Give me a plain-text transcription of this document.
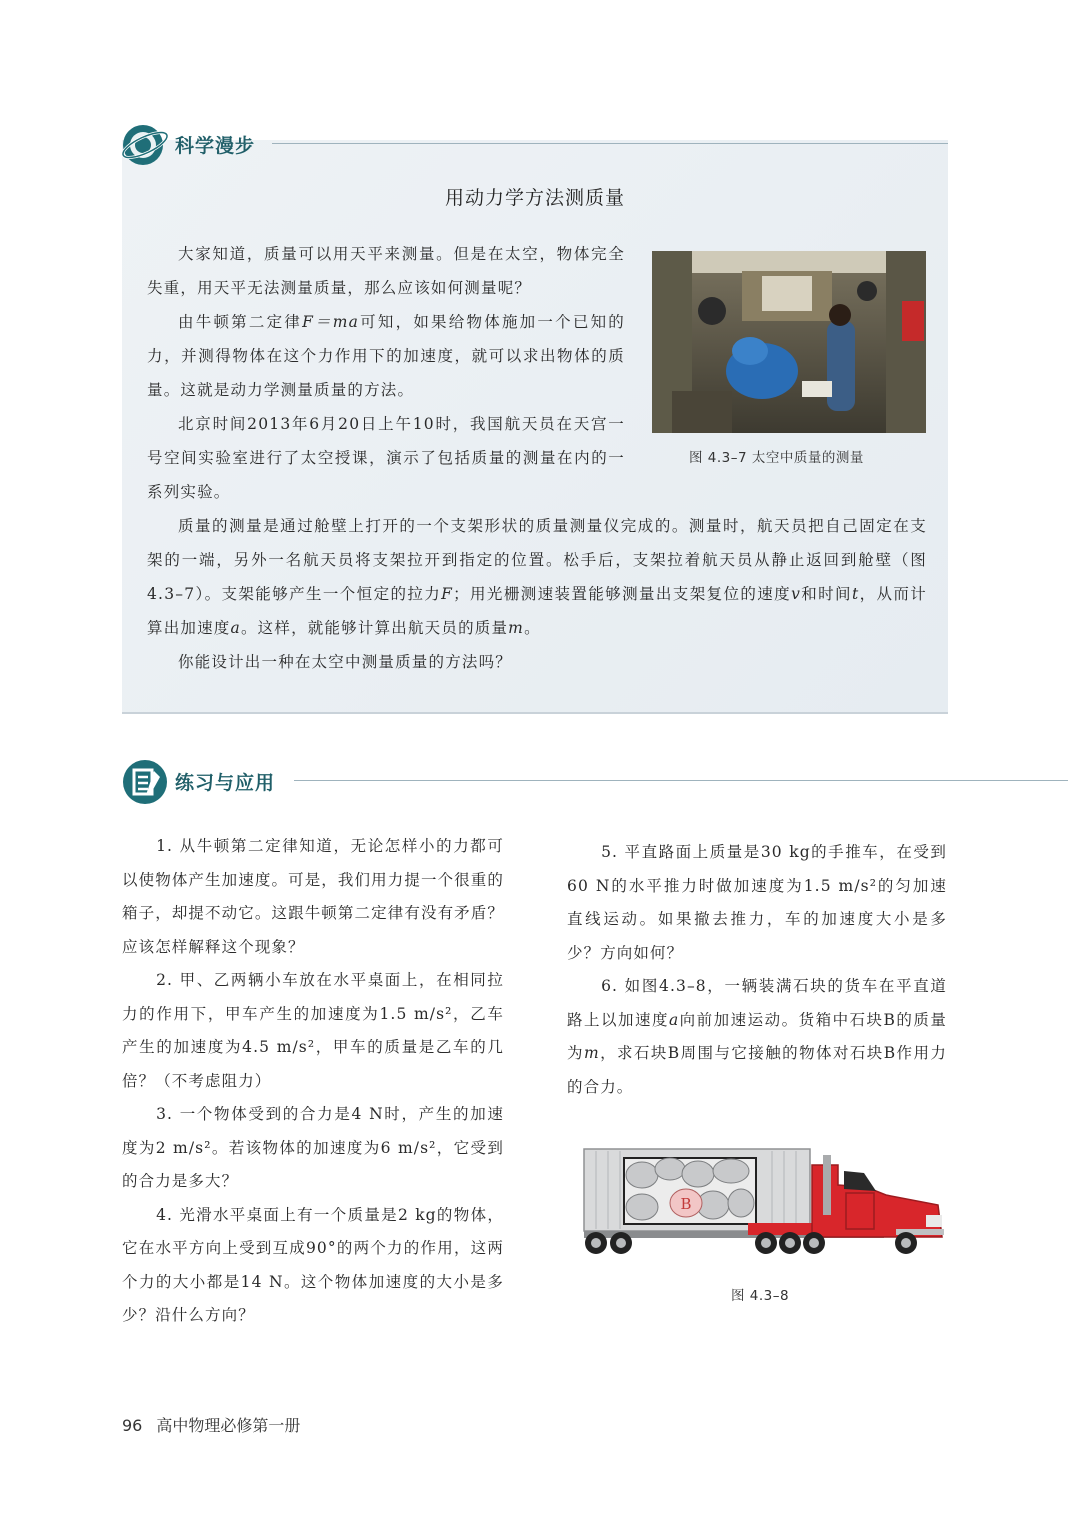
科学漫步
用动力学方法测质量

大家知道，质量可以用天平来测量。但是在太空，物体完全失重，用天平无法测量质量，那么应该如何测量呢？

由牛顿第二定律F＝ma可知，如果给物体施加一个已知的力，并测得物体在这个力作用下的加速度，就可以求出物体的质量。这就是动力学测量质量的方法。

北京时间2013年6月20日上午10时，我国航天员在天宫一号空间实验室进行了太空授课，演示了包括质量的测量在内的一系列实验。

图 4.3–7 太空中质量的测量

质量的测量是通过舱壁上打开的一个支架形状的质量测量仪完成的。测量时，航天员把自己固定在支架的一端，另外一名航天员将支架拉开到指定的位置。松手后，支架拉着航天员从静止返回到舱壁（图4.3–7）。支架能够产生一个恒定的拉力F；用光栅测速装置能够测量出支架复位的速度v和时间t，从而计算出加速度a。这样，就能够计算出航天员的质量m。

你能设计出一种在太空中测量质量的方法吗？

练习与应用

1. 从牛顿第二定律知道，无论怎样小的力都可以使物体产生加速度。可是，我们用力提一个很重的箱子，却提不动它。这跟牛顿第二定律有没有矛盾？应该怎样解释这个现象？

2. 甲、乙两辆小车放在水平桌面上，在相同拉力的作用下，甲车产生的加速度为1.5 m/s²，乙车产生的加速度为4.5 m/s²，甲车的质量是乙车的几倍？（不考虑阻力）

3. 一个物体受到的合力是4 N时，产生的加速度为2 m/s²。若该物体的加速度为6 m/s²，它受到的合力是多大？

4. 光滑水平桌面上有一个质量是2 kg的物体，它在水平方向上受到互成90°的两个力的作用，这两个力的大小都是14 N。这个物体加速度的大小是多少？沿什么方向？

5. 平直路面上质量是30 kg的手推车，在受到60 N的水平推力时做加速度为1.5 m/s²的匀加速直线运动。如果撤去推力，车的加速度大小是多少？方向如何？

6. 如图4.3–8，一辆装满石块的货车在平直道路上以加速度a向前加速运动。货箱中石块B的质量为m，求石块B周围与它接触的物体对石块B作用力的合力。

B
图 4.3–8
96 高中物理必修第一册
